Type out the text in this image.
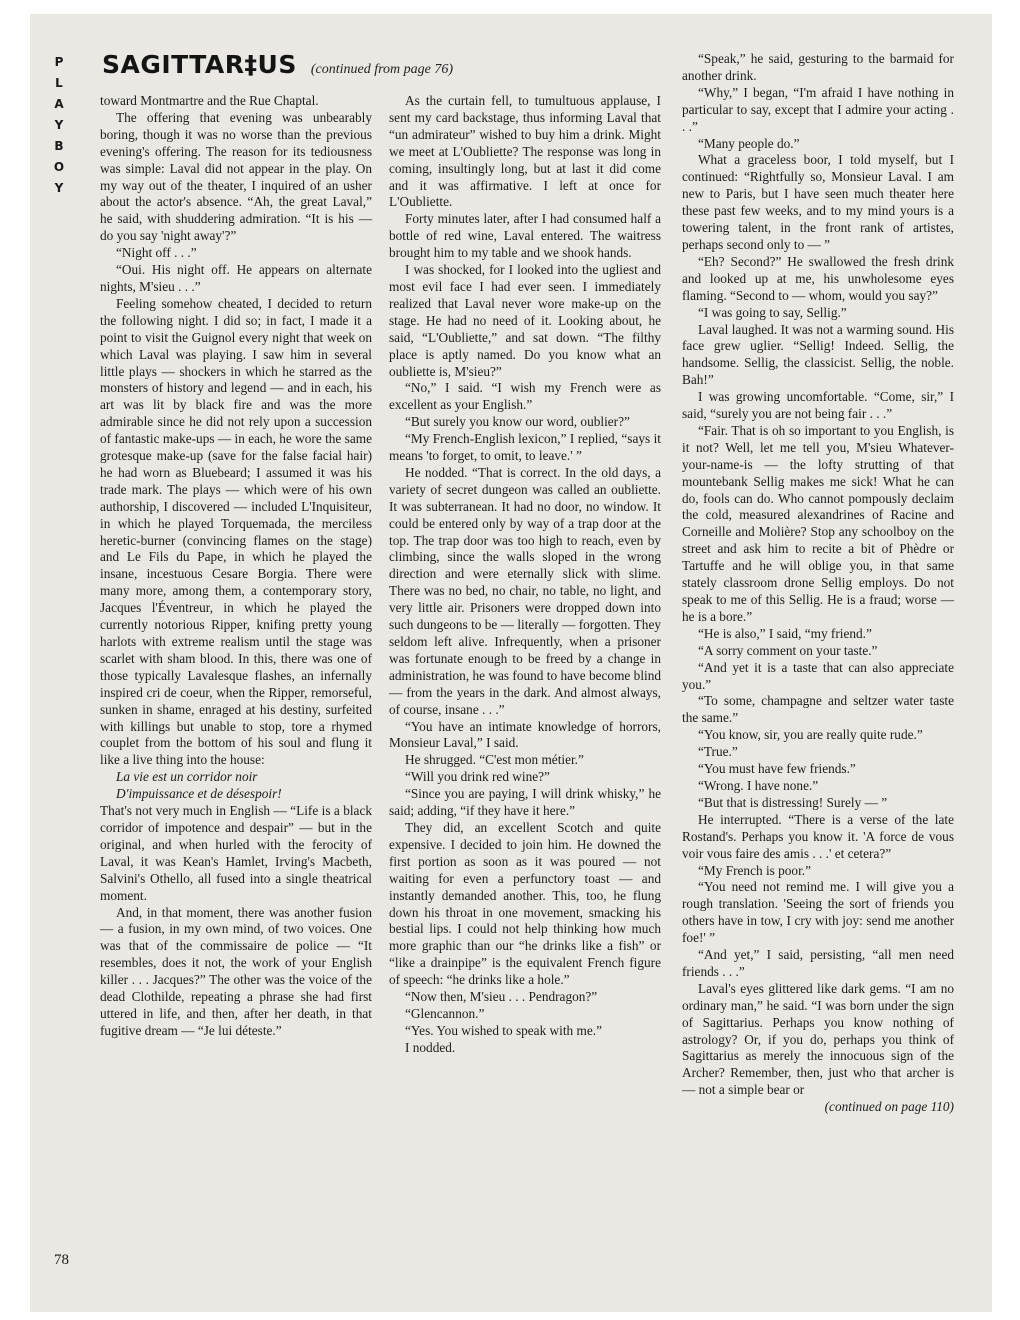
P
L
A
Y
B
O
Y
SAGITTAR‡US (continued from page 76)

toward Montmartre and the Rue Chaptal.

The offering that evening was unbearably boring, though it was no worse than the previous evening's offering. The reason for its tediousness was simple: Laval did not appear in the play. On my way out of the theater, I inquired of an usher about the actor's absence. “Ah, the great Laval,” he said, with shuddering admiration. “It is his — do you say 'night away'?”

“Night off . . .”

“Oui. His night off. He appears on alternate nights, M'sieu . . .”

Feeling somehow cheated, I decided to return the following night. I did so; in fact, I made it a point to visit the Guignol every night that week on which Laval was playing. I saw him in several little plays — shockers in which he starred as the monsters of history and legend — and in each, his art was lit by black fire and was the more admirable since he did not rely upon a succession of fantastic make-ups — in each, he wore the same grotesque make-up (save for the false facial hair) he had worn as Bluebeard; I assumed it was his trade mark. The plays — which were of his own authorship, I discovered — included L'Inquisiteur, in which he played Torquemada, the merciless heretic-burner (convincing flames on the stage) and Le Fils du Pape, in which he played the insane, incestuous Cesare Borgia. There were many more, among them, a contemporary story, Jacques l'Éventreur, in which he played the currently notorious Ripper, knifing pretty young harlots with extreme realism until the stage was scarlet with sham blood. In this, there was one of those typically Lavalesque flashes, an infernally inspired cri de coeur, when the Ripper, remorseful, sunken in shame, enraged at his destiny, surfeited with killings but unable to stop, tore a rhymed couplet from the bottom of his soul and flung it like a live thing into the house:

La vie est un corridor noir

D'impuissance et de désespoir!

That's not very much in English — “Life is a black corridor of impotence and despair” — but in the original, and when hurled with the ferocity of Laval, it was Kean's Hamlet, Irving's Macbeth, Salvini's Othello, all fused into a single theatrical moment.

And, in that moment, there was another fusion — a fusion, in my own mind, of two voices. One was that of the commissaire de police — “It resembles, does it not, the work of your English killer . . . Jacques?” The other was the voice of the dead Clothilde, repeating a phrase she had first uttered in life, and then, after her death, in that fugitive dream — “Je lui déteste.”

As the curtain fell, to tumultuous applause, I sent my card backstage, thus informing Laval that “un admirateur” wished to buy him a drink. Might we meet at L'Oubliette? The response was long in coming, insultingly long, but at last it did come and it was affirmative. I left at once for L'Oubliette.

Forty minutes later, after I had consumed half a bottle of red wine, Laval entered. The waitress brought him to my table and we shook hands.

I was shocked, for I looked into the ugliest and most evil face I had ever seen. I immediately realized that Laval never wore make-up on the stage. He had no need of it. Looking about, he said, “L'Oubliette,” and sat down. “The filthy place is aptly named. Do you know what an oubliette is, M'sieu?”

“No,” I said. “I wish my French were as excellent as your English.”

“But surely you know our word, oublier?”

“My French-English lexicon,” I replied, “says it means 'to forget, to omit, to leave.' ”

He nodded. “That is correct. In the old days, a variety of secret dungeon was called an oubliette. It was subterranean. It had no door, no window. It could be entered only by way of a trap door at the top. The trap door was too high to reach, even by climbing, since the walls sloped in the wrong direction and were eternally slick with slime. There was no bed, no chair, no table, no light, and very little air. Prisoners were dropped down into such dungeons to be — literally — forgotten. They seldom left alive. Infrequently, when a prisoner was fortunate enough to be freed by a change in administration, he was found to have become blind — from the years in the dark. And almost always, of course, insane . . .”

“You have an intimate knowledge of horrors, Monsieur Laval,” I said.

He shrugged. “C'est mon métier.”

“Will you drink red wine?”

“Since you are paying, I will drink whisky,” he said; adding, “if they have it here.”

They did, an excellent Scotch and quite expensive. I decided to join him. He downed the first portion as soon as it was poured — not waiting for even a perfunctory toast — and instantly demanded another. This, too, he flung down his throat in one movement, smacking his bestial lips. I could not help thinking how much more graphic than our “he drinks like a fish” or “like a drainpipe” is the equivalent French figure of speech: “he drinks like a hole.”

“Now then, M'sieu . . . Pendragon?”

“Glencannon.”

“Yes. You wished to speak with me.”

I nodded.

“Speak,” he said, gesturing to the barmaid for another drink.

“Why,” I began, “I'm afraid I have nothing in particular to say, except that I admire your acting . . .”

“Many people do.”

What a graceless boor, I told myself, but I continued: “Rightfully so, Monsieur Laval. I am new to Paris, but I have seen much theater here these past few weeks, and to my mind yours is a towering talent, in the front rank of artistes, perhaps second only to — ”

“Eh? Second?” He swallowed the fresh drink and looked up at me, his unwholesome eyes flaming. “Second to — whom, would you say?”

“I was going to say, Sellig.”

Laval laughed. It was not a warming sound. His face grew uglier. “Sellig! Indeed. Sellig, the handsome. Sellig, the classicist. Sellig, the noble. Bah!”

I was growing uncomfortable. “Come, sir,” I said, “surely you are not being fair . . .”

“Fair. That is oh so important to you English, is it not? Well, let me tell you, M'sieu Whatever-your-name-is — the lofty strutting of that mountebank Sellig makes me sick! What he can do, fools can do. Who cannot pompously declaim the cold, measured alexandrines of Racine and Corneille and Molière? Stop any schoolboy on the street and ask him to recite a bit of Phèdre or Tartuffe and he will oblige you, in that same stately classroom drone Sellig employs. Do not speak to me of this Sellig. He is a fraud; worse — he is a bore.”

“He is also,” I said, “my friend.”

“A sorry comment on your taste.”

“And yet it is a taste that can also appreciate you.”

“To some, champagne and seltzer water taste the same.”

“You know, sir, you are really quite rude.”

“True.”

“You must have few friends.”

“Wrong. I have none.”

“But that is distressing! Surely — ”

He interrupted. “There is a verse of the late Rostand's. Perhaps you know it. 'A force de vous voir vous faire des amis . . .' et cetera?”

“My French is poor.”

“You need not remind me. I will give you a rough translation. 'Seeing the sort of friends you others have in tow, I cry with joy: send me another foe!' ”

“And yet,” I said, persisting, “all men need friends . . .”

Laval's eyes glittered like dark gems. “I am no ordinary man,” he said. “I was born under the sign of Sagittarius. Perhaps you know nothing of astrology? Or, if you do, perhaps you think of Sagittarius as merely the innocuous sign of the Archer? Remember, then, just who that archer is — not a simple bear or

(continued on page 110)

78
